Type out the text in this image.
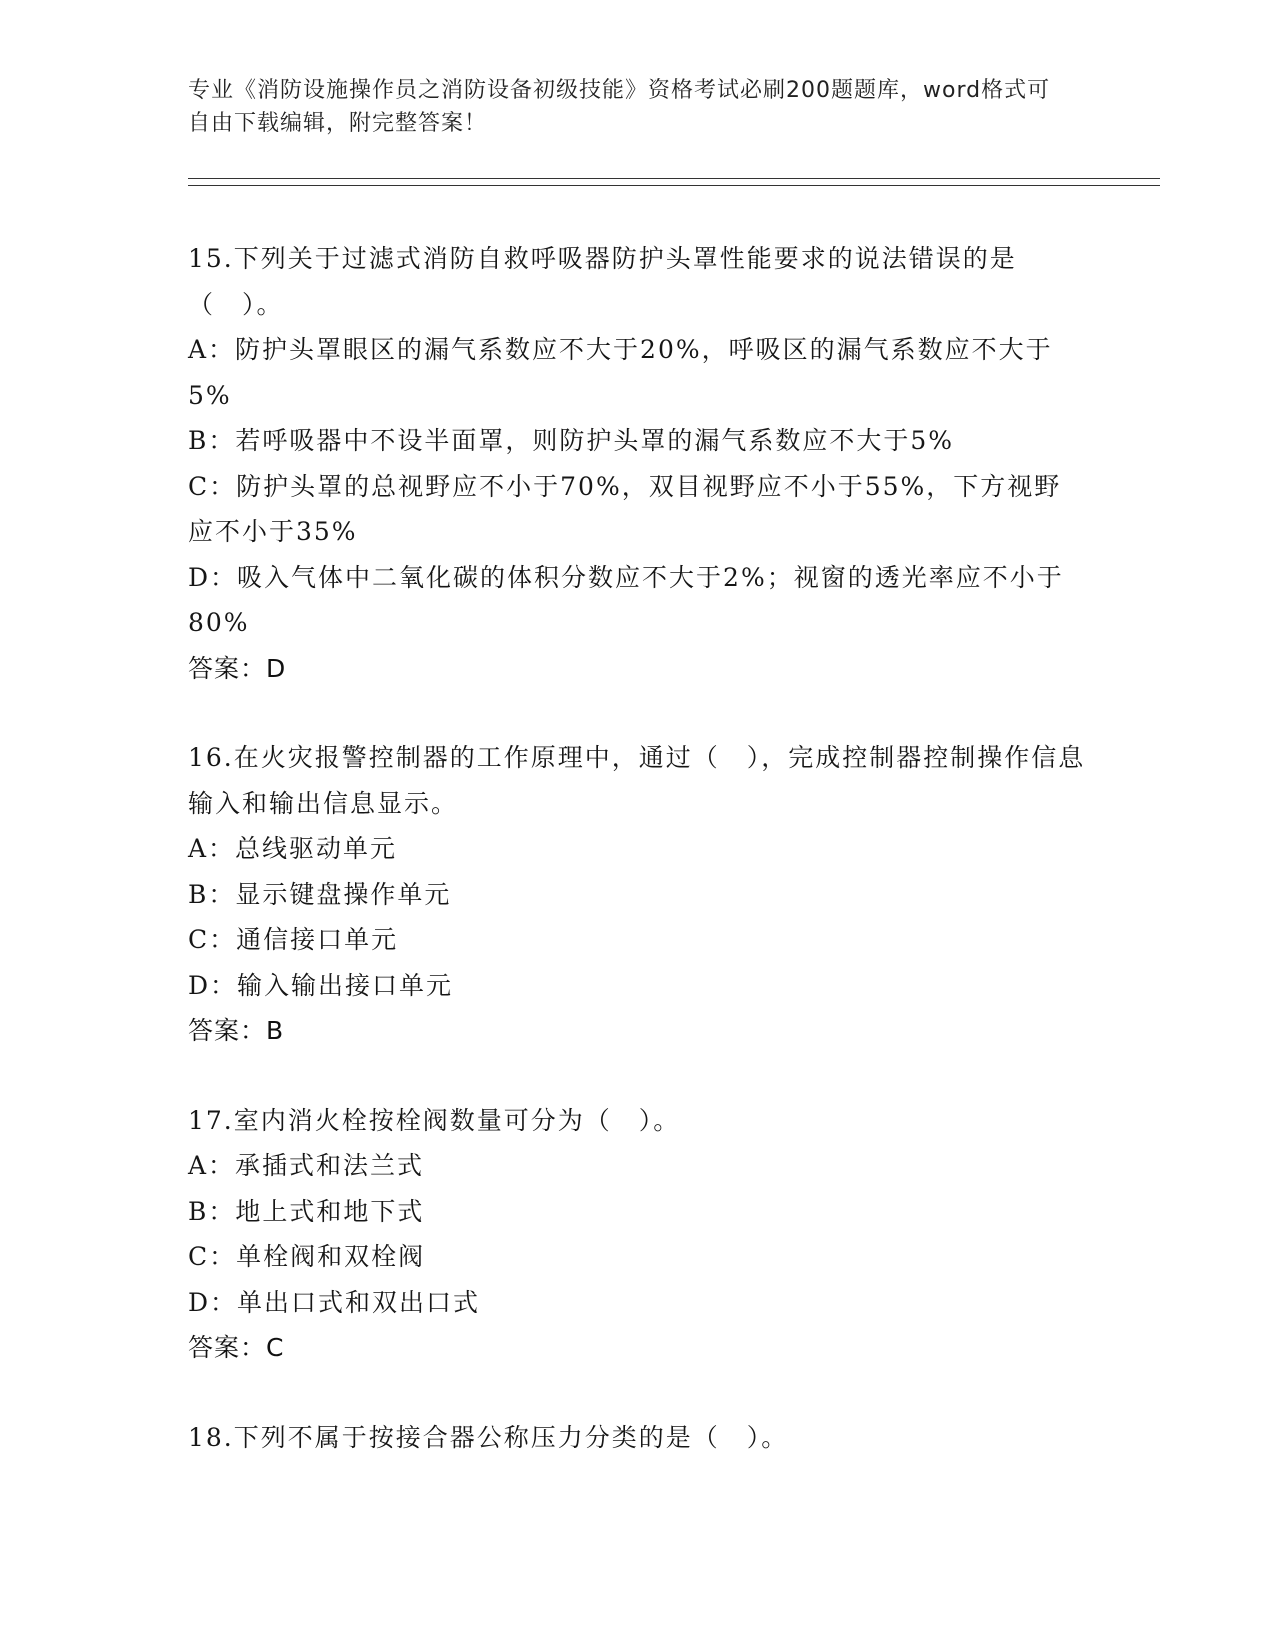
专业《消防设施操作员之消防设备初级技能》资格考试必刷200题题库，word格式可自由下载编辑，附完整答案！
15.下列关于过滤式消防自救呼吸器防护头罩性能要求的说法错误的是（　）。
A：防护头罩眼区的漏气系数应不大于20%，呼吸区的漏气系数应不大于5%
B：若呼吸器中不设半面罩，则防护头罩的漏气系数应不大于5%
C：防护头罩的总视野应不小于70%，双目视野应不小于55%，下方视野应不小于35%
D：吸入气体中二氧化碳的体积分数应不大于2%；视窗的透光率应不小于80%
答案：D
16.在火灾报警控制器的工作原理中，通过（　），完成控制器控制操作信息输入和输出信息显示。
A：总线驱动单元
B：显示键盘操作单元
C：通信接口单元
D：输入输出接口单元
答案：B
17.室内消火栓按栓阀数量可分为（　）。
A：承插式和法兰式
B：地上式和地下式
C：单栓阀和双栓阀
D：单出口式和双出口式
答案：C
18.下列不属于按接合器公称压力分类的是（　）。
